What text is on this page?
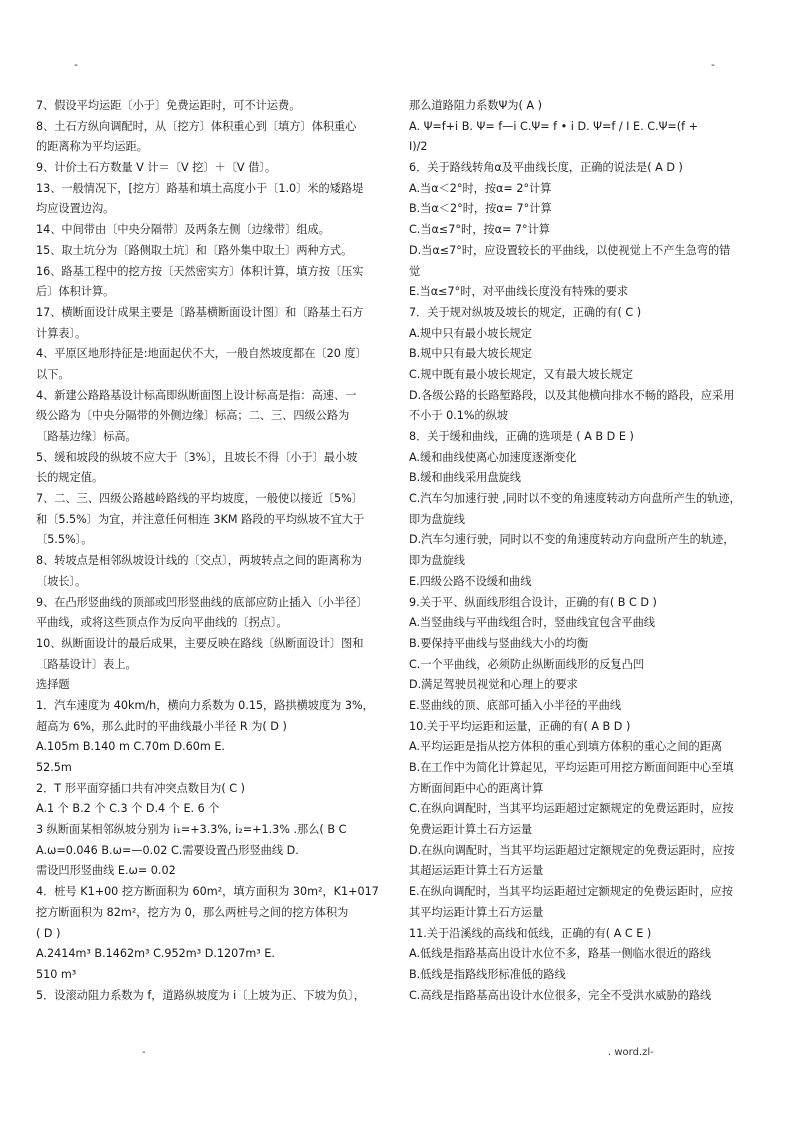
-	-
7、假设平均运距〔小于〕免费运距时，可不计运费。
8、土石方纵向调配时，从〔挖方〕体积重心到〔填方〕体积重心
的距离称为平均运距。
9、计价土石方数量 V 计＝〔V 挖〕＋〔V 借〕。
13、一般情况下，[挖方〕路基和填土高度小于〔1.0〕米的矮路堤
均应设置边沟。
14、中间带由〔中央分隔带〕及两条左侧〔边缘带〕组成。
15、取土坑分为〔路侧取土坑〕和〔路外集中取土〕两种方式。
16、路基工程中的挖方按〔天然密实方〕体积计算，填方按〔压实
后〕体积计算。
17、横断面设计成果主要是〔路基横断面设计图〕和〔路基土石方
计算表〕。
4、平原区地形持征是:地面起伏不大，一般自然坡度都在〔20 度〕
以下。
4、新建公路路基设计标高即纵断面图上设计标高是指：高速、一
级公路为〔中央分隔带的外侧边缘〕标高；二、三、四级公路为
〔路基边缘〕标高。
5、缓和坡段的纵坡不应大于〔3%〕，且坡长不得〔小于〕最小坡
长的规定值。
7、二、三、四级公路越岭路线的平均坡度，一般使以接近〔5%〕
和〔5.5%〕为宜，并注意任何相连 3KM 路段的平均纵坡不宜大于
〔5.5%〕。
8、转坡点是相邻纵坡设计线的〔交点〕，两坡转点之间的距离称为
〔坡长〕。
9、在凸形竖曲线的顶部或凹形竖曲线的底部应防止插入〔小半径〕
平曲线，或将这些顶点作为反向平曲线的〔拐点〕。
10、纵断面设计的最后成果，主要反映在路线〔纵断面设计〕图和
〔路基设计〕表上。
选择题
1．汽车速度为 40km/h，横向力系数为 0.15，路拱横坡度为 3%，
超高为 6%，那么此时的平曲线最小半径 R 为( D )
A.105m B.140 m C.70m D.60m E.
52.5m
2．T 形平面穿插口共有冲突点数目为( C )
A.1 个 B.2 个 C.3 个 D.4 个 E. 6 个
3 纵断面某相邻纵坡分别为 i₁=+3.3%, i₂=+1.3% .那么( B C
A.ω=0.046 B.ω=—0.02 C.需要设置凸形竖曲线 D.
需设凹形竖曲线 E.ω= 0.02
4．桩号 K1+00 挖方断面积为 60m²，填方面积为 30m²，K1+017
挖方断面积为 82m²，挖方为 0，那么两桩号之间的挖方体积为
( D )
A.2414m³ B.1462m³ C.952m³ D.1207m³ E.
510 m³
5．设滚动阻力系数为 f，道路纵坡度为 i〔上坡为正、下坡为负〕，
那么道路阻力系数Ψ为( A )
A. Ψ=f+i B. Ψ= f—i C.Ψ= f • i D. Ψ=f / I E. C.Ψ=(f +
I)/2
6．关于路线转角α及平曲线长度，正确的说法是( A D )
A.当α＜2°时，按α= 2°计算
B.当α＜2°时，按α= 7°计算
C.当α≤7°时，按α= 7°计算
D.当α≤7°时，应设置较长的平曲线，以使视觉上不产生急弯的错
觉
E.当α≤7°时，对平曲线长度没有特殊的要求
7．关于规对纵坡及坡长的规定，正确的有( C )
A.规中只有最小坡长规定
B.规中只有最大坡长规定
C.规中既有最小坡长规定，又有最大坡长规定
D.各级公路的长路堑路段，以及其他横向排水不畅的路段，应采用
不小于 0.1%的纵坡
8．关于缓和曲线，正确的选项是 ( A B D E )
A.缓和曲线使离心加速度逐渐变化
B.缓和曲线采用盘旋线
C.汽车匀加速行驶 ,同时以不变的角速度转动方向盘所产生的轨迹，
即为盘旋线
D.汽车匀速行驶，同时以不变的角速度转动方向盘所产生的轨迹，
即为盘旋线
E.四级公路不设缓和曲线
9.关于平、纵面线形组合设计，正确的有( B C D )
A.当竖曲线与平曲线组合时，竖曲线宜包含平曲线
B.要保持平曲线与竖曲线大小的均衡
C.一个平曲线，必须防止纵断面线形的反复凸凹
D.满足驾驶员视觉和心理上的要求
E.竖曲线的顶、底部可插入小半径的平曲线
10.关于平均运距和运量，正确的有( A B D )
A.平均运距是指从挖方体积的重心到填方体积的重心之间的距离
B.在工作中为简化计算起见，平均运距可用挖方断面间距中心至填
方断面间距中心的距离计算
C.在纵向调配时，当其平均运距超过定额规定的免费运距时，应按
免费运距计算土石方运量
D.在纵向调配时，当其平均运距超过定额规定的免费运距时，应按
其超运运距计算土石方运量
E.在纵向调配时，当其平均运距超过定额规定的免费运距时，应按
其平均运距计算土石方运量
11.关于沿溪线的高线和低线，正确的有( A C E )
A.低线是指路基高出设计水位不多，路基一侧临水很近的路线
B.低线是指路线形标准低的路线
C.高线是指路基高出设计水位很多，完全不受洪水威胁的路线
-	. word.zl-
